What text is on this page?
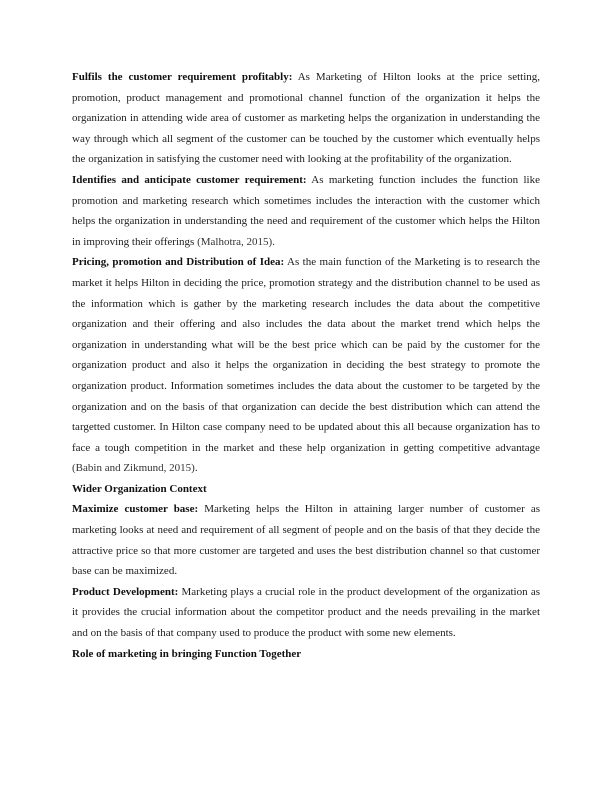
Fulfils the customer requirement profitably: As Marketing of Hilton looks at the price setting, promotion, product management and promotional channel function of the organization it helps the organization in attending wide area of customer as marketing helps the organization in understanding the way through which all segment of the customer can be touched by the customer which eventually helps the organization in satisfying the customer need with looking at the profitability of the organization.

Identifies and anticipate customer requirement: As marketing function includes the function like promotion and marketing research which sometimes includes the interaction with the customer which helps the organization in understanding the need and requirement of the customer which helps the Hilton in improving their offerings (Malhotra, 2015).

Pricing, promotion and Distribution of Idea: As the main function of the Marketing is to research the market it helps Hilton in deciding the price, promotion strategy and the distribution channel to be used as the information which is gather by the marketing research includes the data about the competitive organization and their offering and also includes the data about the market trend which helps the organization in understanding what will be the best price which can be paid by the customer for the organization product and also it helps the organization in deciding the best strategy to promote the organization product. Information sometimes includes the data about the customer to be targeted by the organization and on the basis of that organization can decide the best distribution which can attend the targetted customer. In Hilton case company need to be updated about this all because organization has to face a tough competition in the market and these help organization in getting competitive advantage (Babin and Zikmund, 2015).

Wider Organization Context

Maximize customer base: Marketing helps the Hilton in attaining larger number of customer as marketing looks at need and requirement of all segment of people and on the basis of that they decide the attractive price so that more customer are targeted and uses the best distribution channel so that customer base can be maximized.

Product Development: Marketing plays a crucial role in the product development of the organization as it provides the crucial information about the competitor product and the needs prevailing in the market and on the basis of that company used to produce the product with some new elements.

Role of marketing in bringing Function Together
